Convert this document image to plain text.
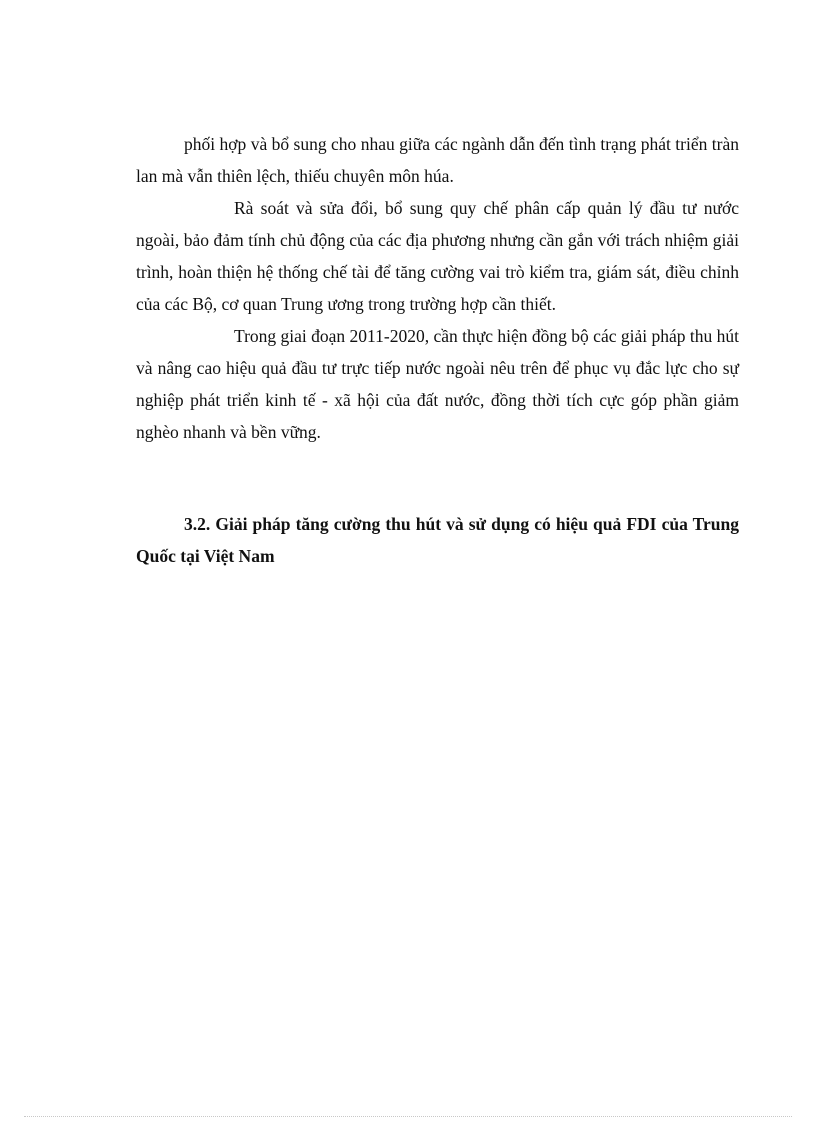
phối hợp và bổ sung cho nhau giữa các ngành dẫn đến tình trạng phát triển tràn lan mà vẫn thiên lệch, thiếu chuyên môn húa.

Rà soát và sửa đổi, bổ sung quy chế phân cấp quản lý đầu tư nước ngoài, bảo đảm tính chủ động của các địa phương nhưng cần gắn với trách nhiệm giải trình, hoàn thiện hệ thống chế tài để tăng cường vai trò kiểm tra, giám sát, điều chỉnh của các Bộ, cơ quan Trung ương trong trường hợp cần thiết.

Trong giai đoạn 2011-2020, cần thực hiện đồng bộ các giải pháp thu hút và nâng cao hiệu quả đầu tư trực tiếp nước ngoài nêu trên để phục vụ đắc lực cho sự nghiệp phát triển kinh tế - xã hội của đất nước, đồng thời tích cực góp phần giảm nghèo nhanh và bền vững.

3.2. Giải pháp tăng cường thu hút và sử dụng có hiệu quả FDI của Trung Quốc tại Việt Nam
